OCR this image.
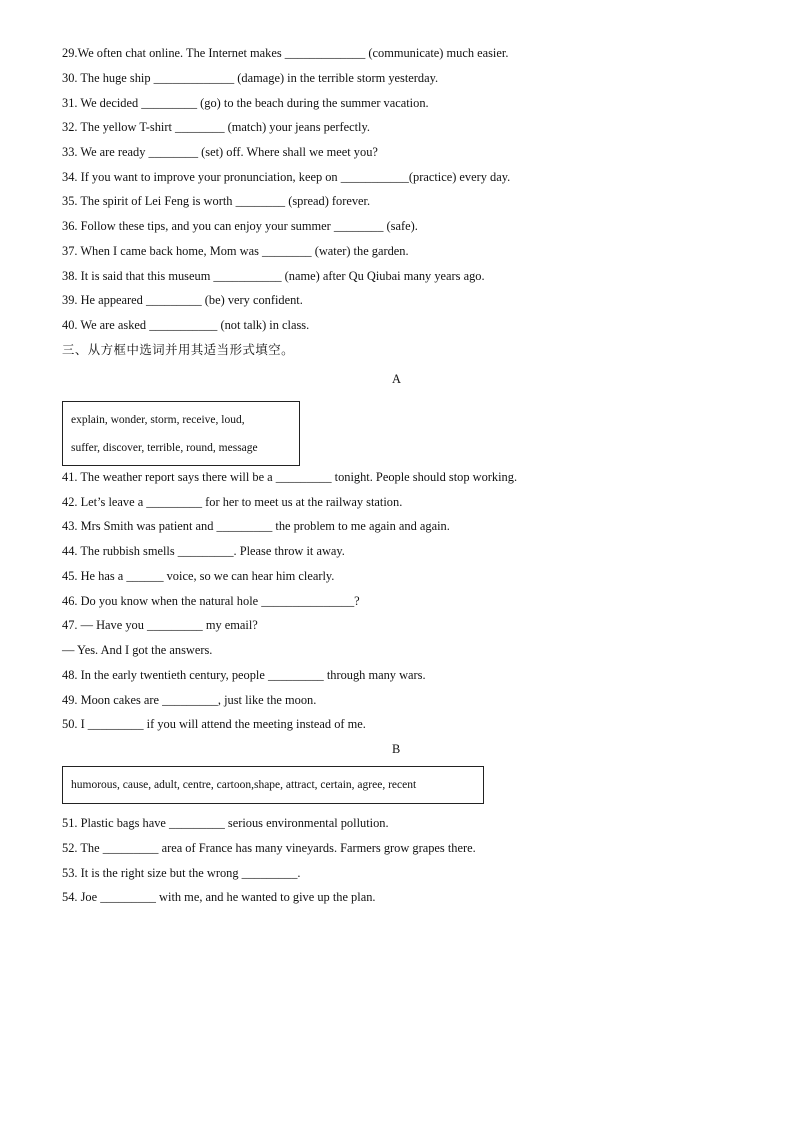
29.We often chat online. The Internet makes _____________ (communicate) much easier.
30. The huge ship _____________ (damage) in the terrible storm yesterday.
31. We decided _________ (go) to the beach during the summer vacation.
32. The yellow T-shirt ________ (match) your jeans perfectly.
33. We are ready ________ (set) off. Where shall we meet you?
34. If you want to improve your pronunciation, keep on ___________(practice) every day.
35. The spirit of Lei Feng is worth ________ (spread) forever.
36. Follow these tips, and you can enjoy your summer ________ (safe).
37. When I came back home, Mom was ________ (water) the garden.
38. It is said that this museum ___________ (name) after Qu Qiubai many years ago.
39. He appeared _________ (be) very confident.
40. We are asked ___________ (not talk) in class.
三、从方框中选词并用其适当形式填空。
A
explain, wonder, storm, receive, loud,
suffer, discover, terrible, round, message
41. The weather report says there will be a _________ tonight. People should stop working.
42. Let’s leave a _________ for her to meet us at the railway station.
43. Mrs Smith was patient and _________ the problem to me again and again.
44. The rubbish smells _________. Please throw it away.
45. He has a ______ voice, so we can hear him clearly.
46. Do you know when the natural hole _______________?
47. — Have you _________ my email?
— Yes. And I got the answers.
48. In the early twentieth century, people _________ through many wars.
49. Moon cakes are _________, just like the moon.
50. I _________ if you will attend the meeting instead of me.
B
humorous, cause, adult, centre, cartoon,shape, attract, certain, agree, recent
51. Plastic bags have _________ serious environmental pollution.
52. The _________ area of France has many vineyards. Farmers grow grapes there.
53. It is the right size but the wrong _________.
54. Joe _________ with me, and he wanted to give up the plan.
